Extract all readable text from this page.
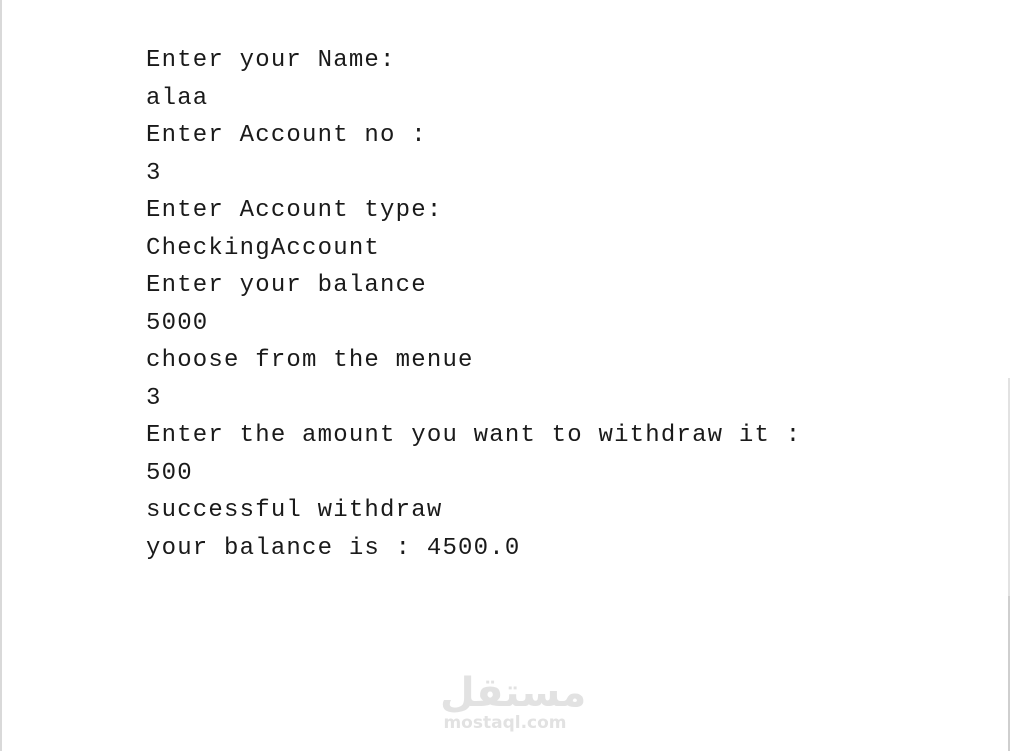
Enter your Name:
alaa
Enter Account no :
3
Enter Account type:
CheckingAccount
Enter your balance
5000
choose from the menue
3
Enter the amount you want to withdraw it :
500
successful withdraw
your balance is : 4500.0
مستقل
mostaql.com
